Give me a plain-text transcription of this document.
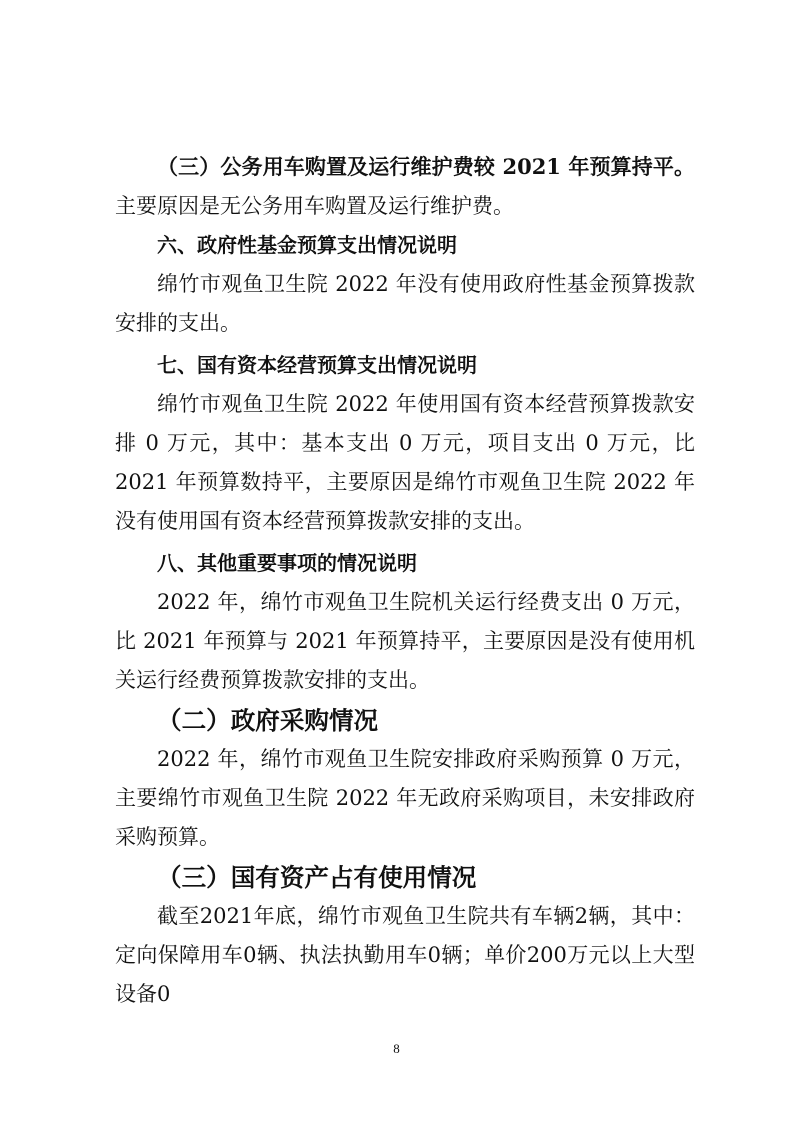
（三）公务用车购置及运行维护费较 2021 年预算持平。主要原因是无公务用车购置及运行维护费。

六、政府性基金预算支出情况说明

绵竹市观鱼卫生院 2022 年没有使用政府性基金预算拨款安排的支出。

七、国有资本经营预算支出情况说明

绵竹市观鱼卫生院 2022 年使用国有资本经营预算拨款安排 0 万元，其中：基本支出 0 万元，项目支出 0 万元，比 2021 年预算数持平，主要原因是绵竹市观鱼卫生院 2022 年没有使用国有资本经营预算拨款安排的支出。

八、其他重要事项的情况说明

2022 年，绵竹市观鱼卫生院机关运行经费支出 0 万元，比 2021 年预算与 2021 年预算持平，主要原因是没有使用机关运行经费预算拨款安排的支出。

（二）政府采购情况

2022 年，绵竹市观鱼卫生院安排政府采购预算 0 万元，主要绵竹市观鱼卫生院 2022 年无政府采购项目，未安排政府采购预算。

（三）国有资产占有使用情况

截至2021年底，绵竹市观鱼卫生院共有车辆2辆，其中：定向保障用车0辆、执法执勤用车0辆；单价200万元以上大型设备0

8
